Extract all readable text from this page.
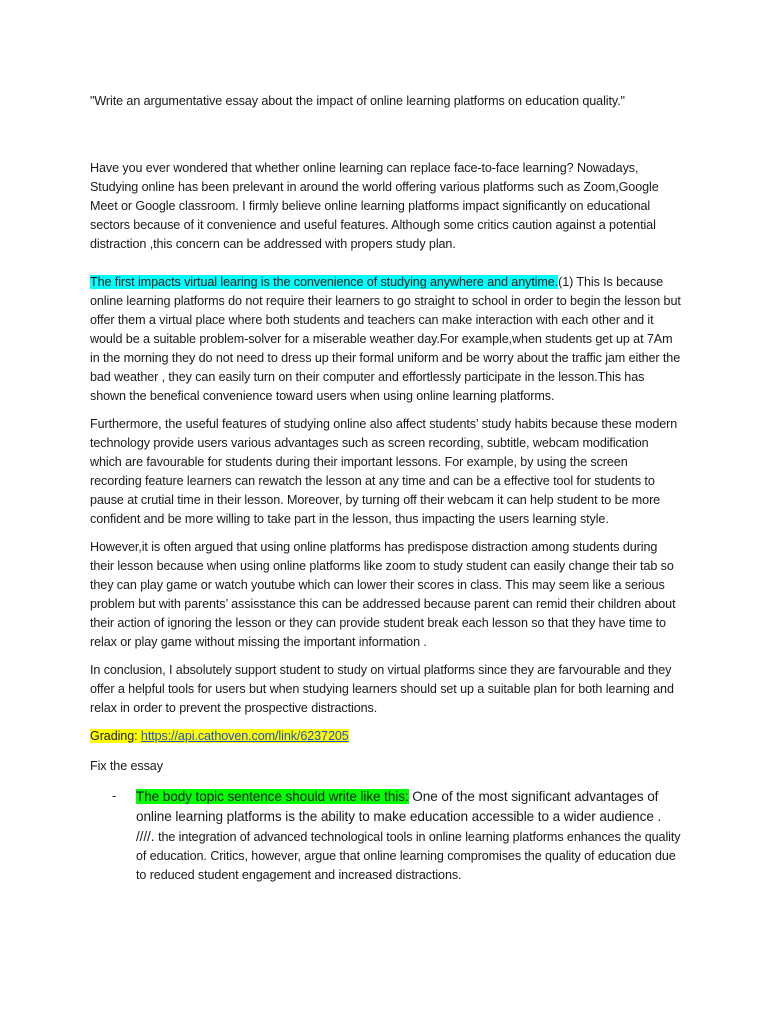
"Write an argumentative essay about the impact of online learning platforms on education quality."

Have you ever wondered that whether online learning can replace face-to-face learning? Nowadays, Studying online has been prelevant in around the world offering various platforms such as Zoom,Google Meet or Google classroom. I firmly believe online learning platforms impact significantly on educational sectors because of it convenience and useful features. Although some critics caution against a potential distraction ,this concern can be addressed with propers study plan.

The first impacts virtual learing is the convenience of studying anywhere and anytime.(1) This Is because online learning platforms do not require their learners to go straight to school in order to begin the lesson but offer them a virtual place where both students and teachers can make interaction with each other and it would be a suitable problem-solver for a miserable weather day.For example,when students get up at 7Am in the morning they do not need to dress up their formal uniform and be worry about the traffic jam either the bad weather , they can easily turn on their computer and effortlessly participate in the lesson.This has shown the benefical convenience toward users when using online learning platforms.

Furthermore, the useful features of studying online also affect students’ study habits because these modern technology provide users various advantages such as screen recording, subtitle, webcam modification which are favourable for students during their important lessons. For example, by using the screen recording feature learners can rewatch the lesson at any time and can be a effective tool for students to pause at crutial time in their lesson. Moreover, by turning off their webcam it can help student to be more confident and be more willing to take part in the lesson, thus impacting the users learning style.

However,it is often argued that using online platforms has predispose distraction among students during their lesson because when using online platforms like zoom to study student can easily change their tab so they can play game or watch youtube which can lower their scores in class. This may seem like a serious problem but with parents’ assisstance this can be addressed because parent can remid their children about their action of ignoring the lesson or they can provide student break each lesson so that they have time to relax or play game without missing the important information .

In conclusion, I absolutely support student to study on virtual platforms since they are farvourable and they offer a helpful tools for users but when studying learners should set up a suitable plan for both learning and relax in order to prevent the prospective distractions.

Grading: https://api.cathoven.com/link/6237205

Fix the essay

- The body topic sentence should write like this: One of the most significant advantages of online learning platforms is the ability to make education accessible to a wider audience . ////. the integration of advanced technological tools in online learning platforms enhances the quality of education. Critics, however, argue that online learning compromises the quality of education due to reduced student engagement and increased distractions.
